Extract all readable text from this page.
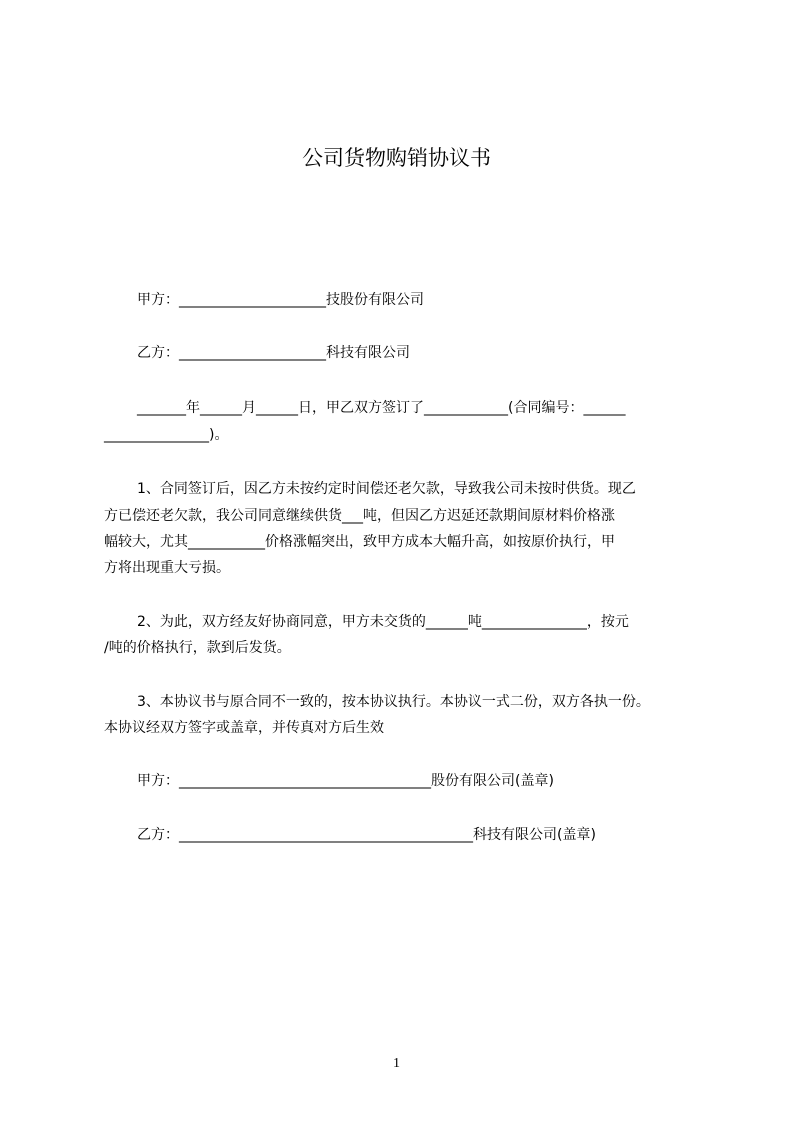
公司货物购销协议书
甲方：_____________________技股份有限公司
乙方：_____________________科技有限公司
_______年______月______日，甲乙双方签订了____________(合同编号：______
_______________)。
1、合同签订后，因乙方未按约定时间偿还老欠款，导致我公司未按时供货。现乙
方已偿还老欠款，我公司同意继续供货___吨，但因乙方迟延还款期间原材料价格涨
幅较大，尤其___________价格涨幅突出，致甲方成本大幅升高，如按原价执行，甲
方将出现重大亏损。
2、为此，双方经友好协商同意，甲方未交货的______吨_______________，按元
/吨的价格执行，款到后发货。
3、本协议书与原合同不一致的，按本协议执行。本协议一式二份，双方各执一份。
本协议经双方签字或盖章，并传真对方后生效
甲方：____________________________________股份有限公司(盖章)
乙方：__________________________________________科技有限公司(盖章)
1
